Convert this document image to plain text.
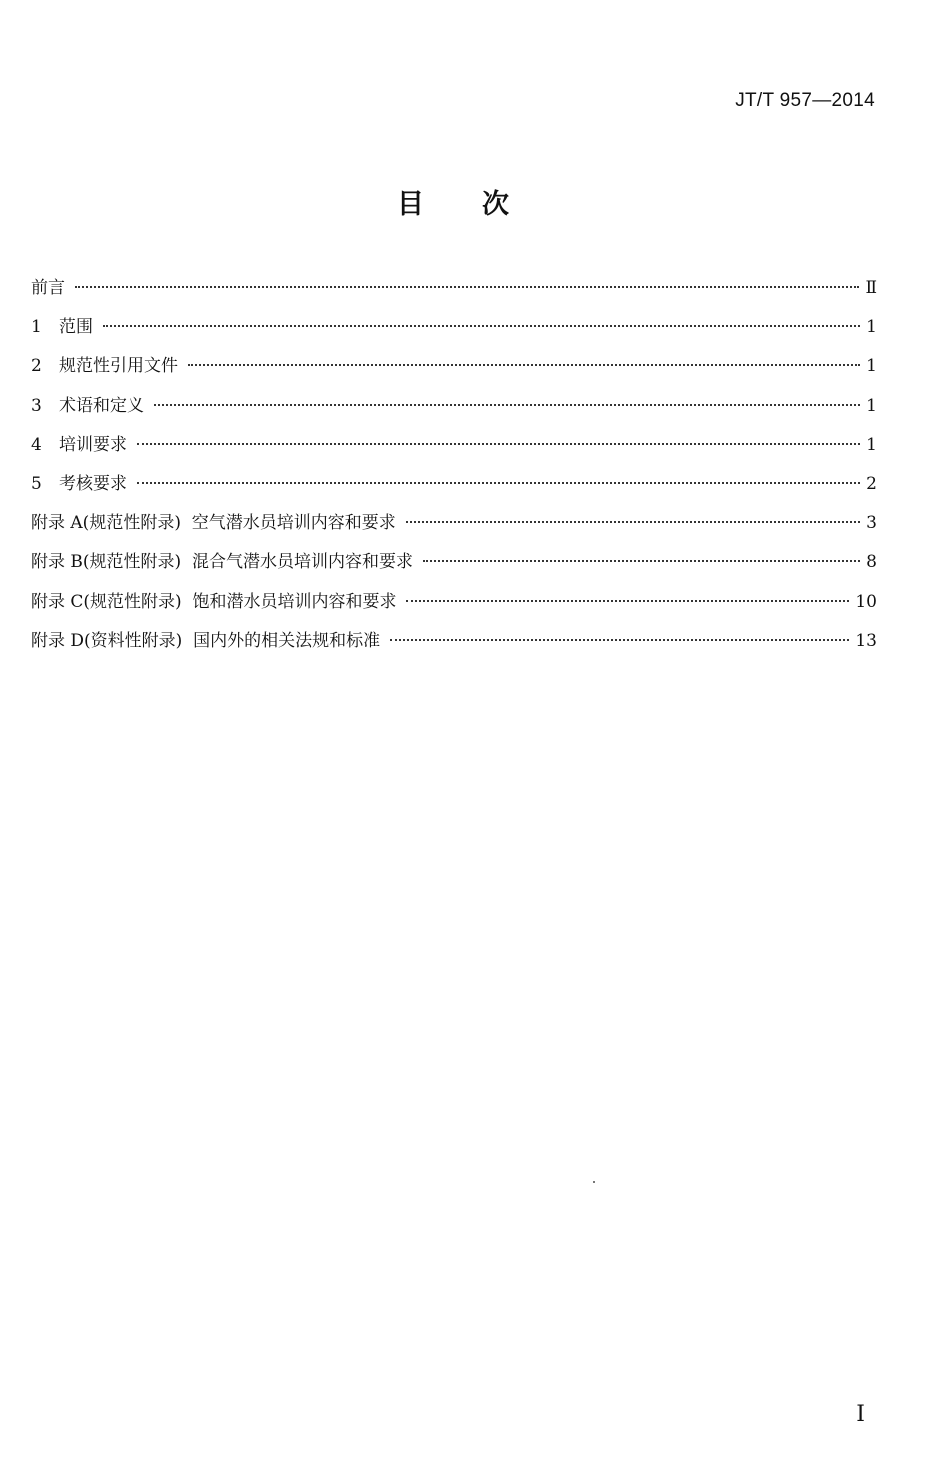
JT/T 957—2014
目次
前言	Ⅱ
1	范围	1
2	规范性引用文件	1
3	术语和定义	1
4	培训要求	1
5	考核要求	2
附录 A(规范性附录)  空气潜水员培训内容和要求	3
附录 B(规范性附录)  混合气潜水员培训内容和要求	8
附录 C(规范性附录)  饱和潜水员培训内容和要求	10
附录 D(资料性附录)  国内外的相关法规和标准	13
I
